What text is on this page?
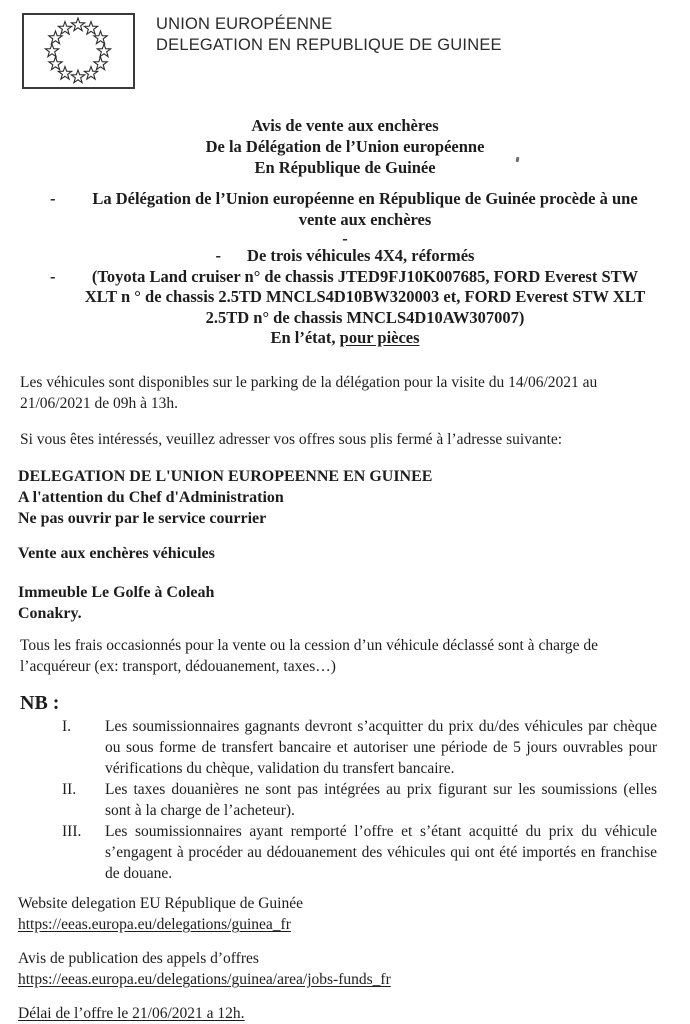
UNION EUROPÉENNE
DELEGATION EN REPUBLIQUE DE GUINEE
Avis de vente aux enchères
De la Délégation de l’Union européenne
En République de Guinée
-	La Délégation de l’Union européenne en République de Guinée procède à une vente aux enchères
-
- De trois véhicules 4X4, réformés
-	(Toyota Land cruiser n° de chassis JTED9FJ10K007685, FORD Everest STW XLT n ° de chassis 2.5TD MNCLS4D10BW320003 et, FORD Everest STW XLT 2.5TD n° de chassis MNCLS4D10AW307007)
En l’état, pour pièces

Les véhicules sont disponibles sur le parking de la délégation pour la visite du 14/06/2021 au 21/06/2021 de 09h à 13h.

Si vous êtes intéressés, veuillez adresser vos offres sous plis fermé à l’adresse suivante:

DELEGATION DE L'UNION EUROPEENNE EN GUINEE
A l'attention du Chef d'Administration
Ne pas ouvrir par le service courrier
Vente aux enchères véhicules
Immeuble Le Golfe à Coleah
Conakry.

Tous les frais occasionnés pour la vente ou la cession d’un véhicule déclassé sont à charge de l’acquéreur (ex: transport, dédouanement, taxes…)

NB :
I.	Les soumissionnaires gagnants devront s’acquitter du prix du/des véhicules par chèque ou sous forme de transfert bancaire et autoriser une période de 5 jours ouvrables pour vérifications du chèque, validation du transfert bancaire.
II.	Les taxes douanières ne sont pas intégrées au prix figurant sur les soumissions (elles sont à la charge de l’acheteur).
III.	Les soumissionnaires ayant remporté l’offre et s’étant acquitté du prix du véhicule s’engagent à procéder au dédouanement des véhicules qui ont été importés en franchise de douane.
Website delegation EU République de Guinée
https://eeas.europa.eu/delegations/guinea_fr
Avis de publication des appels d’offres
https://eeas.europa.eu/delegations/guinea/area/jobs-funds_fr
Délai de l’offre le 21/06/2021 a 12h.
